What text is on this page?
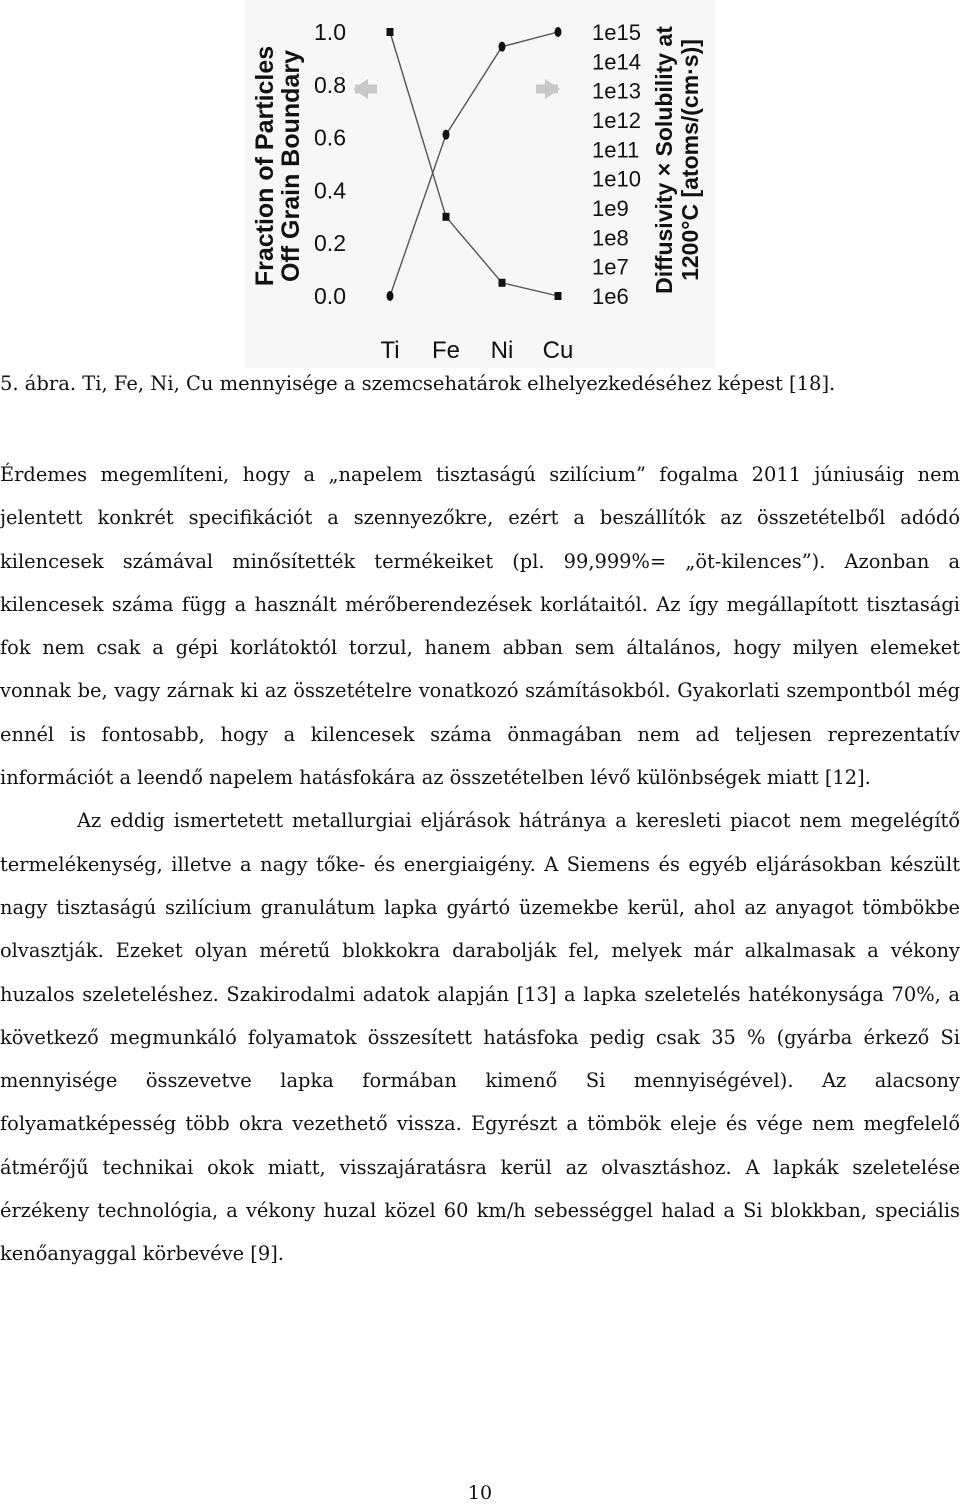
Fraction of Particles
Off Grain Boundary	Diffusivity × Solubility at 1200°C [atoms/(cm·s)]
1.0
0.8
0.6
0.4
0.2
0.0
1e15
1e14
1e13
1e12
1e11
1e10
1e9
1e8
1e7
1e6
Ti Fe Ni Cu
5. ábra. Ti, Fe, Ni, Cu mennyisége a szemcsehatárok elhelyezkedéséhez képest [18].

Érdemes megemlíteni, hogy a „napelem tisztaságú szilícium” fogalma 2011 júniusáig nem jelentett konkrét specifikációt a szennyezőkre, ezért a beszállítók az összetételből adódó kilencesek számával minősítették termékeiket (pl. 99,999%= „öt-kilences”). Azonban a kilencesek száma függ a használt mérőberendezések korlátaitól. Az így megállapított tisztasági fok nem csak a gépi korlátoktól torzul, hanem abban sem általános, hogy milyen elemeket vonnak be, vagy zárnak ki az összetételre vonatkozó számításokból. Gyakorlati szempontból még ennél is fontosabb, hogy a kilencesek száma önmagában nem ad teljesen reprezentatív információt a leendő napelem hatásfokára az összetételben lévő különbségek miatt [12].

Az eddig ismertetett metallurgiai eljárások hátránya a keresleti piacot nem megelégítő termelékenység, illetve a nagy tőke- és energiaigény. A Siemens és egyéb eljárásokban készült nagy tisztaságú szilícium granulátum lapka gyártó üzemekbe kerül, ahol az anyagot tömbökbe olvasztják. Ezeket olyan méretű blokkokra darabolják fel, melyek már alkalmasak a vékony huzalos szeleteléshez. Szakirodalmi adatok alapján [13] a lapka szeletelés hatékonysága 70%, a következő megmunkáló folyamatok összesített hatásfoka pedig csak 35 % (gyárba érkező Si mennyisége összevetve lapka formában kimenő Si mennyiségével). Az alacsony folyamatképesség több okra vezethető vissza. Egyrészt a tömbök eleje és vége nem megfelelő átmérőjű technikai okok miatt, visszajáratásra kerül az olvasztáshoz. A lapkák szeletelése érzékeny technológia, a vékony huzal közel 60 km/h sebességgel halad a Si blokkban, speciális kenőanyaggal körbevéve [9].

10
